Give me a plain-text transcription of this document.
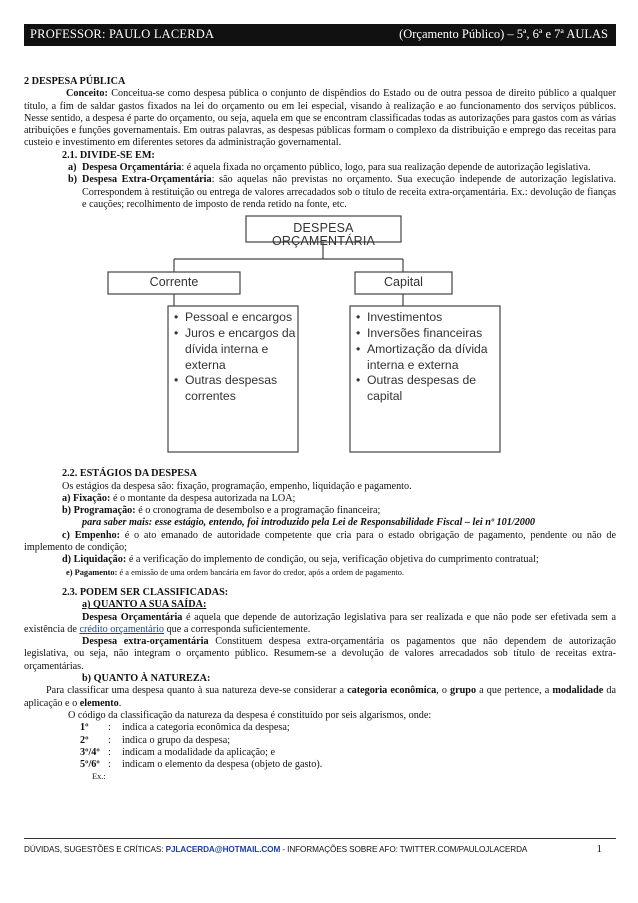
PROFESSOR: PAULO LACERDA	(Orçamento Público) – 5ª, 6ª e 7ª AULAS

2 DESPESA PÚBLICA

Conceito: Conceitua-se como despesa pública o conjunto de dispêndios do Estado ou de outra pessoa de direito público a qualquer título, a fim de saldar gastos fixados na lei do orçamento ou em lei especial, visando à realização e ao funcionamento dos serviços públicos. Nesse sentido, a despesa é parte do orçamento, ou seja, aquela em que se encontram classificadas todas as autorizações para gastos com as várias atribuições e funções governamentais. Em outras palavras, as despesas públicas formam o complexo da distribuição e emprego das receitas para custeio e investimento em diferentes setores da administração governamental.

2.1. DIVIDE-SE EM:

a) Despesa Orçamentária: é aquela fixada no orçamento público, logo, para sua realização depende de autorização legislativa.

b) Despesa Extra-Orçamentária: são aquelas não previstas no orçamento. Sua execução independe de autorização legislativa. Correspondem à restituição ou entrega de valores arrecadados sob o título de receita extra-orçamentária. Ex.: devolução de fianças e cauções; recolhimento de imposto de renda retido na fonte, etc.

DESPESA ORÇAMENTÁRIA
Corrente	Capital
• Pessoal e encargos
• Juros e encargos da dívida interna e externa
• Outras despesas correntes
• Investimentos
• Inversões financeiras
• Amortização da dívida interna e externa
• Outras despesas de capital

2.2. ESTÁGIOS DA DESPESA

Os estágios da despesa são: fixação, programação, empenho, liquidação e pagamento.

a) Fixação: é o montante da despesa autorizada na LOA;

b) Programação: é o cronograma de desembolso e a programação financeira;

para saber mais: esse estágio, entendo, foi introduzido pela Lei de Responsabilidade Fiscal – lei nº 101/2000

c) Empenho: é o ato emanado de autoridade competente que cria para o estado obrigação de pagamento, pendente ou não de implemento de condição;

d) Liquidação: é a verificação do implemento de condição, ou seja, verificação objetiva do cumprimento contratual;

e) Pagamento: é a emissão de uma ordem bancária em favor do credor, após a ordem de pagamento.

2.3. PODEM SER CLASSIFICADAS:

a) QUANTO A SUA SAÍDA:

Despesa Orçamentária é aquela que depende de autorização legislativa para ser realizada e que não pode ser efetivada sem a existência de crédito orçamentário que a corresponda suficientemente.

Despesa extra-orçamentária Constituem despesa extra-orçamentária os pagamentos que não dependem de autorização legislativa, ou seja, não integram o orçamento público. Resumem-se a devolução de valores arrecadados sob título de receitas extra-orçamentárias.

b) QUANTO À NATUREZA:

Para classificar uma despesa quanto à sua natureza deve-se considerar a categoria econômica, o grupo a que pertence, a modalidade da aplicação e o elemento.

O código da classificação da natureza da despesa é constituído por seis algarismos, onde:

1º	:	indica a categoria econômica da despesa;
2º	:	indica o grupo da despesa;
3º/4º :	indicam a modalidade da aplicação; e
5º/6º :	indicam o elemento da despesa (objeto de gasto).

Ex.:

DÚVIDAS, SUGESTÕES E CRÍTICAS: PJLACERDA@HOTMAIL.COM - INFORMAÇÕES SOBRE AFO: TWITTER.COM/PAULOJLACERDA	1
